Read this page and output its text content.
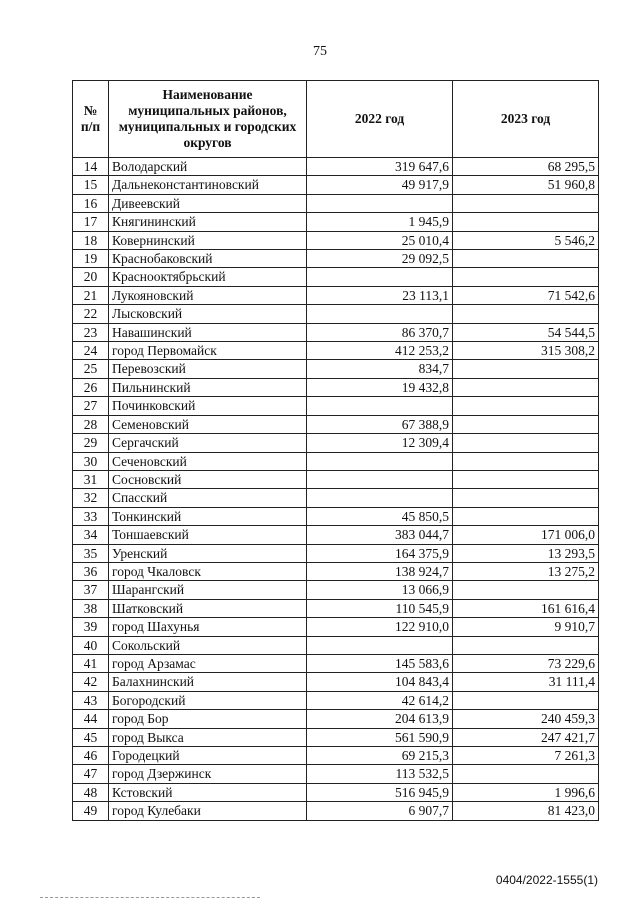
75
№ п/п	Наименование муниципальных районов, муниципальных и городских округов	2022 год	2023 год
14	Володарский	319 647,6	68 295,5
15	Дальнеконстантиновский	49 917,9	51 960,8
16	Дивеевский		
17	Княгининский	1 945,9	
18	Ковернинский	25 010,4	5 546,2
19	Краснобаковский	29 092,5	
20	Краснооктябрьский		
21	Лукояновский	23 113,1	71 542,6
22	Лысковский		
23	Навашинский	86 370,7	54 544,5
24	город Первомайск	412 253,2	315 308,2
25	Перевозский	834,7	
26	Пильнинский	19 432,8	
27	Починковский		
28	Семеновский	67 388,9	
29	Сергачский	12 309,4	
30	Сеченовский		
31	Сосновский		
32	Спасский		
33	Тонкинский	45 850,5	
34	Тоншаевский	383 044,7	171 006,0
35	Уренский	164 375,9	13 293,5
36	город Чкаловск	138 924,7	13 275,2
37	Шарангский	13 066,9	
38	Шатковский	110 545,9	161 616,4
39	город Шахунья	122 910,0	9 910,7
40	Сокольский		
41	город Арзамас	145 583,6	73 229,6
42	Балахнинский	104 843,4	31 111,4
43	Богородский	42 614,2	
44	город Бор	204 613,9	240 459,3
45	город Выкса	561 590,9	247 421,7
46	Городецкий	69 215,3	7 261,3
47	город Дзержинск	113 532,5	
48	Кстовский	516 945,9	1 996,6
49	город Кулебаки	6 907,7	81 423,0
0404/2022-1555(1)
